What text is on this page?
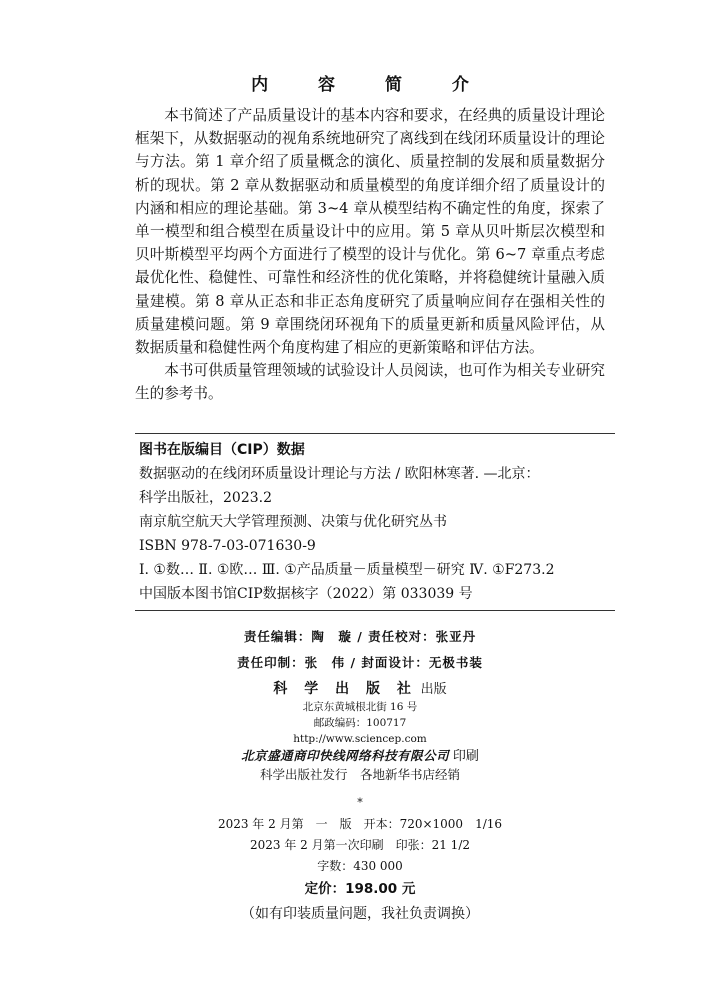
内 容 简 介

本书简述了产品质量设计的基本内容和要求，在经典的质量设计理论框架下，从数据驱动的视角系统地研究了离线到在线闭环质量设计的理论与方法。第 1 章介绍了质量概念的演化、质量控制的发展和质量数据分析的现状。第 2 章从数据驱动和质量模型的角度详细介绍了质量设计的内涵和相应的理论基础。第 3~4 章从模型结构不确定性的角度，探索了单一模型和组合模型在质量设计中的应用。第 5 章从贝叶斯层次模型和贝叶斯模型平均两个方面进行了模型的设计与优化。第 6~7 章重点考虑最优化性、稳健性、可靠性和经济性的优化策略，并将稳健统计量融入质量建模。第 8 章从正态和非正态角度研究了质量响应间存在强相关性的质量建模问题。第 9 章围绕闭环视角下的质量更新和质量风险评估，从数据质量和稳健性两个角度构建了相应的更新策略和评估方法。

本书可供质量管理领域的试验设计人员阅读，也可作为相关专业研究生的参考书。

图书在版编目（CIP）数据
数据驱动的在线闭环质量设计理论与方法 / 欧阳林寒著. —北京：
科学出版社，2023.2
南京航空航天大学管理预测、决策与优化研究丛书
ISBN 978-7-03-071630-9
Ⅰ. ①数… Ⅱ. ①欧… Ⅲ. ①产品质量－质量模型－研究 Ⅳ. ①F273.2
中国版本图书馆CIP数据核字（2022）第 033039 号
责任编辑：陶　璇 / 责任校对：张亚丹
责任印制：张　伟 / 封面设计：无极书装
科 学 出 版 社 出版
北京东黄城根北街 16 号
邮政编码：100717
http://www.sciencep.com
北京盛通商印快线网络科技有限公司 印刷
科学出版社发行　各地新华书店经销
*
2023 年 2 月第　一　版　开本：720×1000　1/16
2023 年 2 月第一次印刷　印张：21 1/2
字数：430 000
定价：198.00 元
（如有印装质量问题，我社负责调换）
